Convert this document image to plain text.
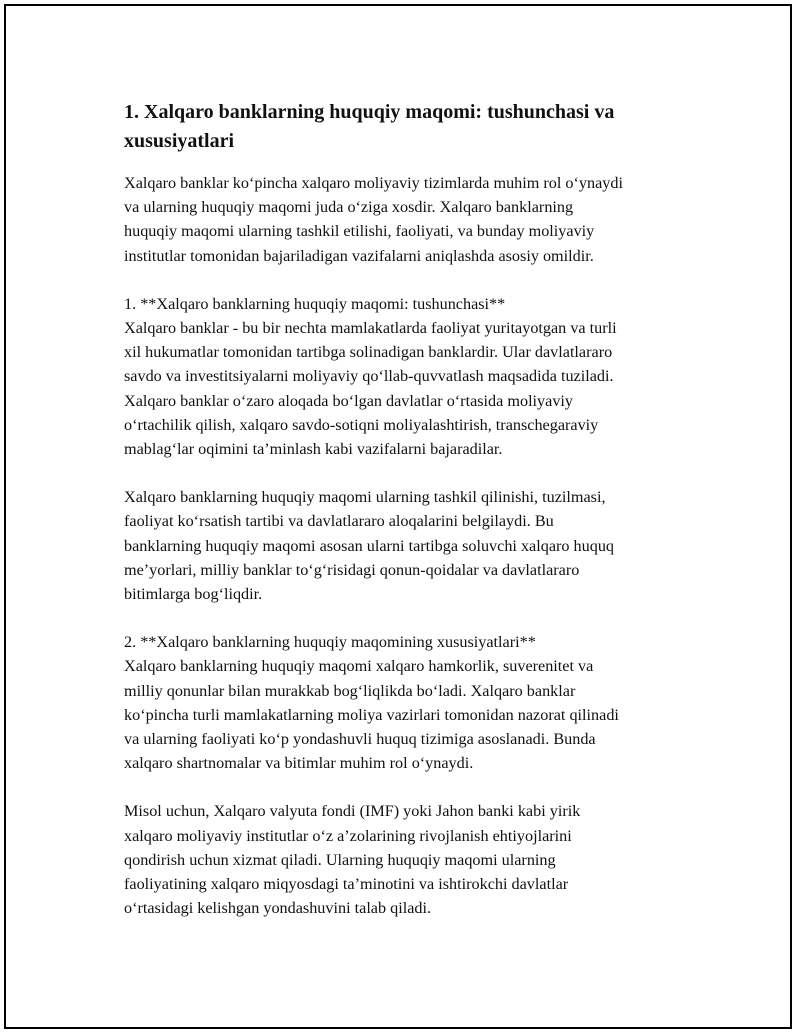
1. Xalqaro banklarning huquqiy maqomi: tushunchasi va
xususiyatlari

Xalqaro banklar ko‘pincha xalqaro moliyaviy tizimlarda muhim rol o‘ynaydi
va ularning huquqiy maqomi juda o‘ziga xosdir. Xalqaro banklarning
huquqiy maqomi ularning tashkil etilishi, faoliyati, va bunday moliyaviy
institutlar tomonidan bajariladigan vazifalarni aniqlashda asosiy omildir.

1. **Xalqaro banklarning huquqiy maqomi: tushunchasi**
Xalqaro banklar - bu bir nechta mamlakatlarda faoliyat yuritayotgan va turli
xil hukumatlar tomonidan tartibga solinadigan banklardir. Ular davlatlararo
savdo va investitsiyalarni moliyaviy qo‘llab-quvvatlash maqsadida tuziladi.
Xalqaro banklar o‘zaro aloqada bo‘lgan davlatlar o‘rtasida moliyaviy
o‘rtachilik qilish, xalqaro savdo-sotiqni moliyalashtirish, transchegaraviy
mablag‘lar oqimini ta’minlash kabi vazifalarni bajaradilar.

Xalqaro banklarning huquqiy maqomi ularning tashkil qilinishi, tuzilmasi,
faoliyat ko‘rsatish tartibi va davlatlararo aloqalarini belgilaydi. Bu
banklarning huquqiy maqomi asosan ularni tartibga soluvchi xalqaro huquq
me’yorlari, milliy banklar to‘g‘risidagi qonun-qoidalar va davlatlararo
bitimlarga bog‘liqdir.

2. **Xalqaro banklarning huquqiy maqomining xususiyatlari**
Xalqaro banklarning huquqiy maqomi xalqaro hamkorlik, suverenitet va
milliy qonunlar bilan murakkab bog‘liqlikda bo‘ladi. Xalqaro banklar
ko‘pincha turli mamlakatlarning moliya vazirlari tomonidan nazorat qilinadi
va ularning faoliyati ko‘p yondashuvli huquq tizimiga asoslanadi. Bunda
xalqaro shartnomalar va bitimlar muhim rol o‘ynaydi.

Misol uchun, Xalqaro valyuta fondi (IMF) yoki Jahon banki kabi yirik
xalqaro moliyaviy institutlar o‘z a’zolarining rivojlanish ehtiyojlarini
qondirish uchun xizmat qiladi. Ularning huquqiy maqomi ularning
faoliyatining xalqaro miqyosdagi ta’minotini va ishtirokchi davlatlar
o‘rtasidagi kelishgan yondashuvini talab qiladi.
